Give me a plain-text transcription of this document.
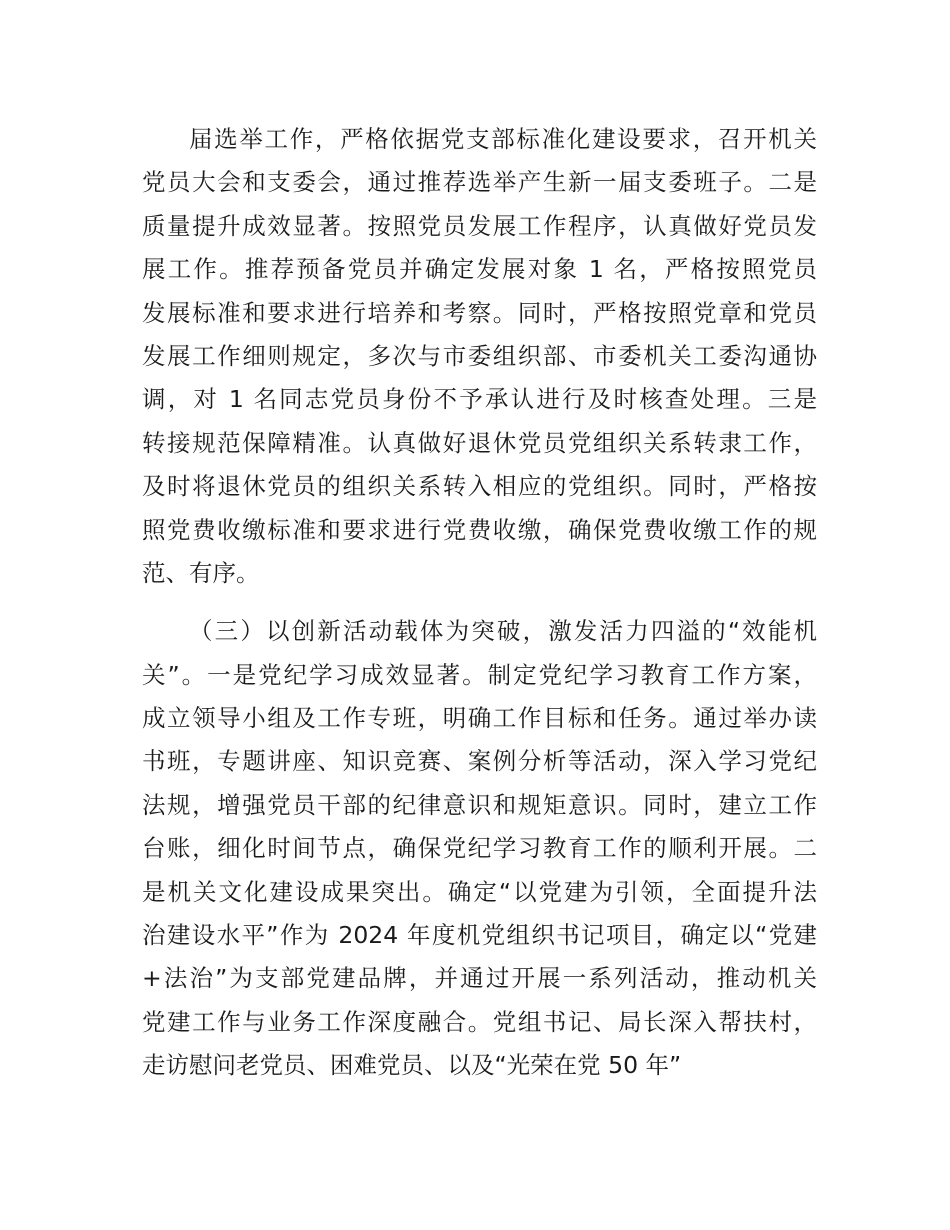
届选举工作，严格依据党支部标准化建设要求，召开机关
党员大会和支委会，通过推荐选举产生新一届支委班子。二是
质量提升成效显著。按照党员发展工作程序，认真做好党员发
展工作。推荐预备党员并确定发展对象 1 名，严格按照党员
发展标准和要求进行培养和考察。同时，严格按照党章和党员
发展工作细则规定，多次与市委组织部、市委机关工委沟通协
调，对 1 名同志党员身份不予承认进行及时核查处理。三是
转接规范保障精准。认真做好退休党员党组织关系转隶工作，
及时将退休党员的组织关系转入相应的党组织。同时，严格按
照党费收缴标准和要求进行党费收缴，确保党费收缴工作的规
范、有序。
（三）以创新活动载体为突破，激发活力四溢的“效能机
关”。一是党纪学习成效显著。制定党纪学习教育工作方案，
成立领导小组及工作专班，明确工作目标和任务。通过举办读
书班，专题讲座、知识竞赛、案例分析等活动，深入学习党纪
法规，增强党员干部的纪律意识和规矩意识。同时，建立工作
台账，细化时间节点，确保党纪学习教育工作的顺利开展。二
是机关文化建设成果突出。确定“以党建为引领，全面提升法
治建设水平”作为 2024 年度机党组织书记项目，确定以“党建
+法治”为支部党建品牌，并通过开展一系列活动，推动机关
党建工作与业务工作深度融合。党组书记、局长深入帮扶村，
走访慰问老党员、困难党员、以及“光荣在党 50 年”
